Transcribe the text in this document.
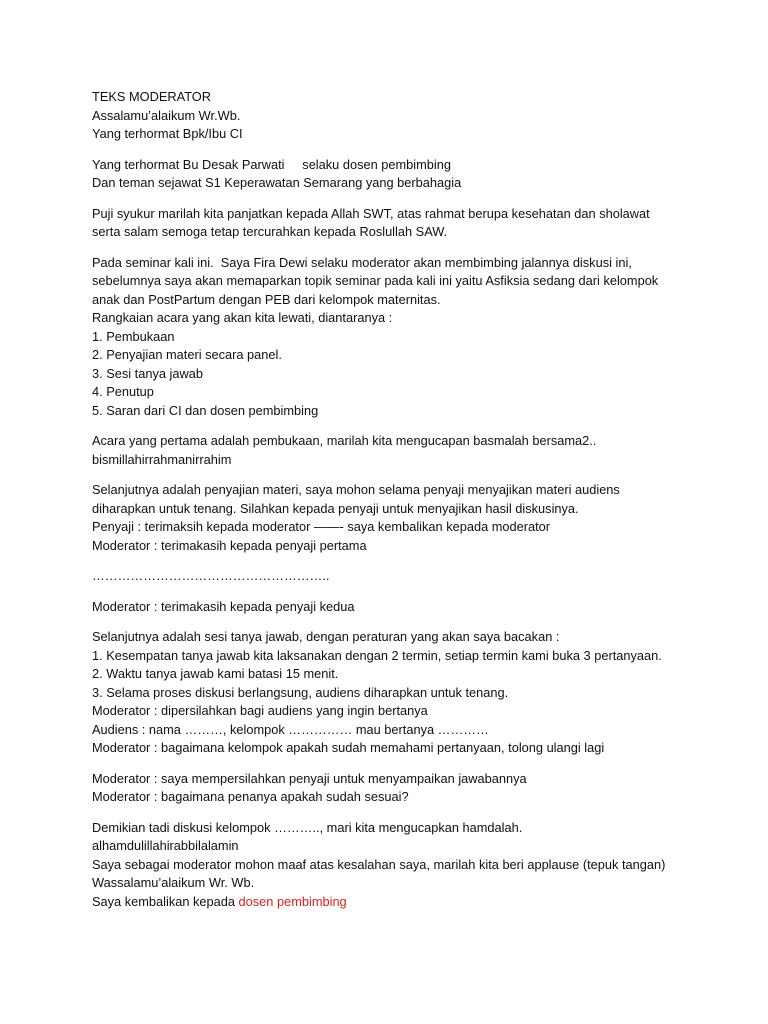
TEKS MODERATOR
Assalamu’alaikum Wr.Wb.
Yang terhormat Bpk/Ibu CI
Yang terhormat Bu Desak Parwati     selaku dosen pembimbing
Dan teman sejawat S1 Keperawatan Semarang yang berbahagia
Puji syukur marilah kita panjatkan kepada Allah SWT, atas rahmat berupa kesehatan dan sholawat
serta salam semoga tetap tercurahkan kepada Roslullah SAW.
Pada seminar kali ini.  Saya Fira Dewi selaku moderator akan membimbing jalannya diskusi ini,
sebelumnya saya akan memaparkan topik seminar pada kali ini yaitu Asfiksia sedang dari kelompok
anak dan PostPartum dengan PEB dari kelompok maternitas.
Rangkaian acara yang akan kita lewati, diantaranya :
1. Pembukaan
2. Penyajian materi secara panel.
3. Sesi tanya jawab
4. Penutup
5. Saran dari CI dan dosen pembimbing
Acara yang pertama adalah pembukaan, marilah kita mengucapan basmalah bersama2..
bismillahirrahmanirrahim
Selanjutnya adalah penyajian materi, saya mohon selama penyaji menyajikan materi audiens
diharapkan untuk tenang. Silahkan kepada penyaji untuk menyajikan hasil diskusinya.
Penyaji : terimaksih kepada moderator ——- saya kembalikan kepada moderator
Moderator : terimakasih kepada penyaji pertama
………………………………………………..
Moderator : terimakasih kepada penyaji kedua
Selanjutnya adalah sesi tanya jawab, dengan peraturan yang akan saya bacakan :
1. Kesempatan tanya jawab kita laksanakan dengan 2 termin, setiap termin kami buka 3 pertanyaan.
2. Waktu tanya jawab kami batasi 15 menit.
3. Selama proses diskusi berlangsung, audiens diharapkan untuk tenang.
Moderator : dipersilahkan bagi audiens yang ingin bertanya
Audiens : nama ………, kelompok …………… mau bertanya …………
Moderator : bagaimana kelompok apakah sudah memahami pertanyaan, tolong ulangi lagi
Moderator : saya mempersilahkan penyaji untuk menyampaikan jawabannya
Moderator : bagaimana penanya apakah sudah sesuai?
Demikian tadi diskusi kelompok ……….., mari kita mengucapkan hamdalah.
alhamdulillahirabbilalamin
Saya sebagai moderator mohon maaf atas kesalahan saya, marilah kita beri applause (tepuk tangan)
Wassalamu’alaikum Wr. Wb.
Saya kembalikan kepada dosen pembimbing
